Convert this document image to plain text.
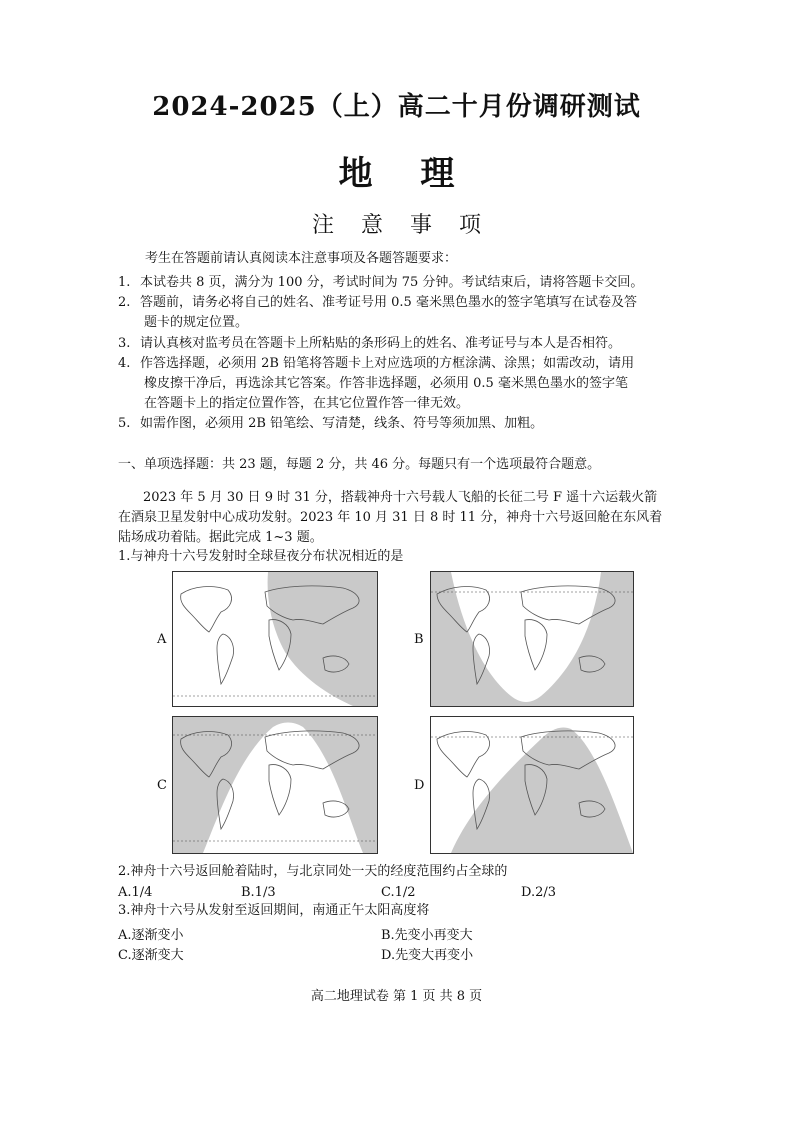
2024-2025（上）高二十月份调研测试
地 理
注 意 事 项
考生在答题前请认真阅读本注意事项及各题答题要求：
1. 本试卷共 8 页，满分为 100 分，考试时间为 75 分钟。考试结束后，请将答题卡交回。
2. 答题前，请务必将自己的姓名、准考证号用 0.5 毫米黑色墨水的签字笔填写在试卷及答
题卡的规定位置。
3. 请认真核对监考员在答题卡上所粘贴的条形码上的姓名、准考证号与本人是否相符。
4. 作答选择题，必须用 2B 铅笔将答题卡上对应选项的方框涂满、涂黑；如需改动，请用
橡皮擦干净后，再选涂其它答案。作答非选择题，必须用 0.5 毫米黑色墨水的签字笔
在答题卡上的指定位置作答，在其它位置作答一律无效。
5. 如需作图，必须用 2B 铅笔绘、写清楚，线条、符号等须加黑、加粗。
一、单项选择题：共 23 题，每题 2 分，共 46 分。每题只有一个选项最符合题意。
2023 年 5 月 30 日 9 时 31 分，搭载神舟十六号载人飞船的长征二号 F 遥十六运载火箭
在酒泉卫星发射中心成功发射。2023 年 10 月 31 日 8 时 11 分，神舟十六号返回舱在东风着
陆场成功着陆。据此完成 1~3 题。
1.与神舟十六号发射时全球昼夜分布状况相近的是
A	B
C	D
2.神舟十六号返回舱着陆时，与北京同处一天的经度范围约占全球的
A.1/4	B.1/3	C.1/2	D.2/3
3.神舟十六号从发射至返回期间，南通正午太阳高度将
A.逐渐变小	B.先变小再变大
C.逐渐变大	D.先变大再变小
高二地理试卷 第 1 页 共 8 页
